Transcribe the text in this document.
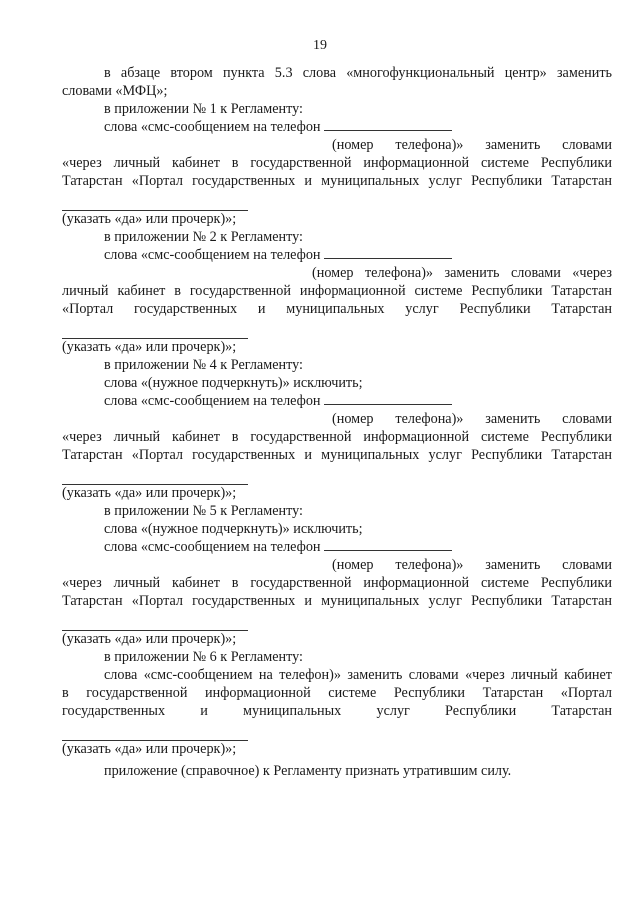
19
в абзаце втором пункта 5.3 слова «многофункциональный центр» заменить
словами «МФЦ»;
в приложении № 1 к Регламенту:
слова «смс-сообщением на телефон
(номер телефона)» заменить словами
«через личный кабинет в государственной информационной системе Республики
Татарстан «Портал государственных и муниципальных услуг Республики Татарстан
(указать «да» или прочерк)»;
в приложении № 2 к Регламенту:
слова «смс-сообщением на телефон
(номер телефона)» заменить словами «через
личный кабинет в государственной информационной системе Республики Татарстан
«Портал государственных и муниципальных услуг Республики Татарстан
(указать «да» или прочерк)»;
в приложении № 4 к Регламенту:
слова «(нужное подчеркнуть)» исключить;
слова «смс-сообщением на телефон
(номер телефона)» заменить словами
«через личный кабинет в государственной информационной системе Республики
Татарстан «Портал государственных и муниципальных услуг Республики Татарстан
(указать «да» или прочерк)»;
в приложении № 5 к Регламенту:
слова «(нужное подчеркнуть)» исключить;
слова «смс-сообщением на телефон
(номер телефона)» заменить словами
«через личный кабинет в государственной информационной системе Республики
Татарстан «Портал государственных и муниципальных услуг Республики Татарстан
(указать «да» или прочерк)»;
в приложении № 6 к Регламенту:
слова «смс-сообщением на телефон)» заменить словами «через личный кабинет
в государственной информационной системе Республики Татарстан «Портал
государственных и муниципальных услуг Республики Татарстан
(указать «да» или прочерк)»;
приложение (справочное) к Регламенту признать утратившим силу.
